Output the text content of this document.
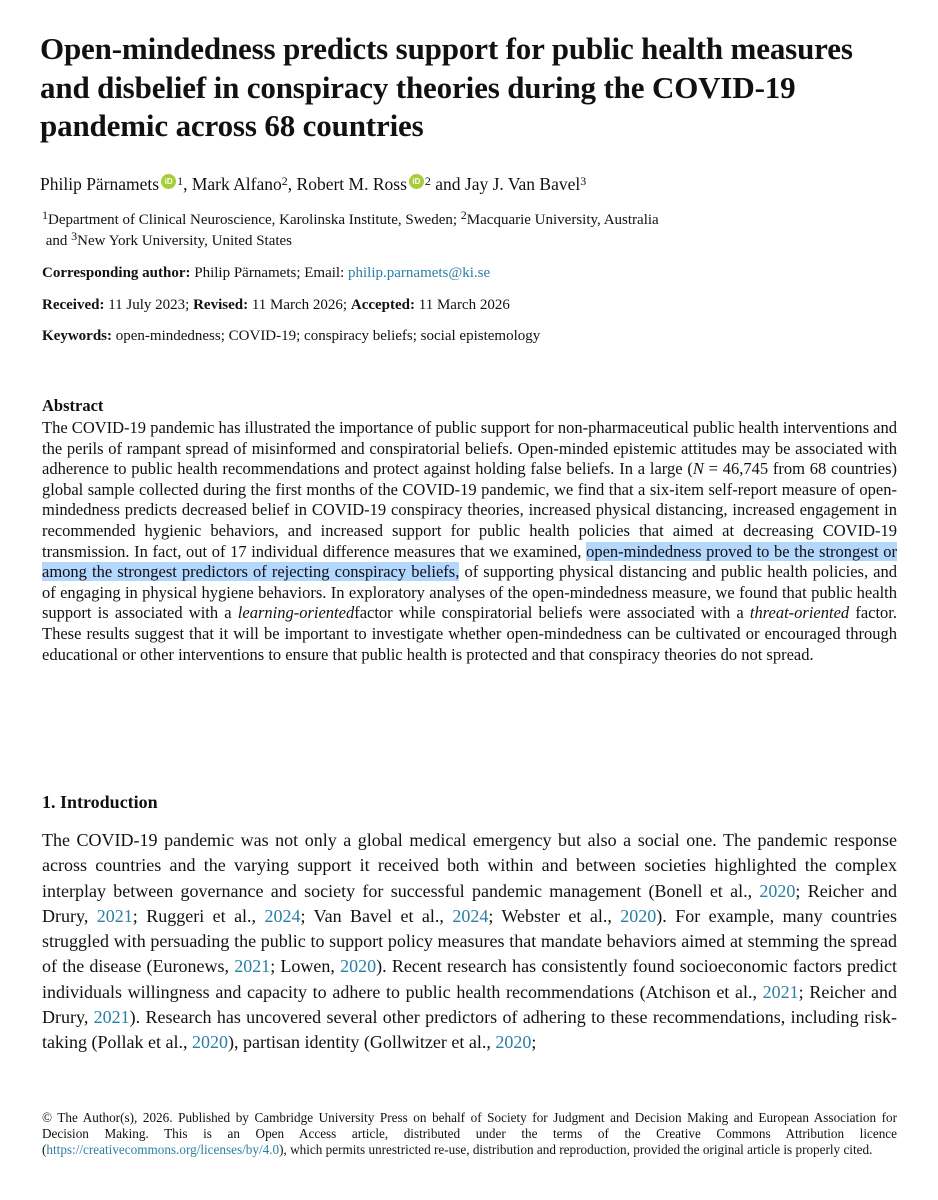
Open-mindedness predicts support for public health measures and disbelief in conspiracy theories during the COVID-19 pandemic across 68 countries
Philip Pärnamets iD $^1$, Mark Alfano$^2$, Robert M. Ross iD $^2$ and Jay J. Van Bavel$^3$
$^1$Department of Clinical Neuroscience, Karolinska Institute, Sweden; $^2$Macquarie University, Australia
and $^3$New York University, United States
Corresponding author: Philip Pärnamets; Email: philip.parnamets@ki.se
Received: 11 July 2023; Revised: 11 March 2026; Accepted: 11 March 2026
Keywords: open-mindedness; COVID-19; conspiracy beliefs; social epistemology
Abstract

The COVID-19 pandemic has illustrated the importance of public support for non-pharmaceutical public health interventions and the perils of rampant spread of misinformed and conspiratorial beliefs. Open-minded epistemic attitudes may be associated with adherence to public health recommendations and protect against holding false beliefs. In a large (N = 46,745 from 68 countries) global sample collected during the first months of the COVID-19 pandemic, we find that a six-item self-report measure of open-mindedness predicts decreased belief in COVID-19 conspiracy theories, increased physical distancing, increased engagement in recommended hygienic behaviors, and increased support for public health policies that aimed at decreasing COVID-19 transmission. In fact, out of 17 individual difference measures that we examined, open-mindedness proved to be the strongest or among the strongest predictors of rejecting conspiracy beliefs, of supporting physical distancing and public health policies, and of engaging in physical hygiene behaviors. In exploratory analyses of the open-mindedness measure, we found that public health support is associated with a learning-orientedfactor while conspiratorial beliefs were associated with a threat-oriented factor. These results suggest that it will be important to investigate whether open-mindedness can be cultivated or encouraged through educational or other interventions to ensure that public health is protected and that conspiracy theories do not spread.

1. Introduction

The COVID-19 pandemic was not only a global medical emergency but also a social one. The pandemic response across countries and the varying support it received both within and between societies highlighted the complex interplay between governance and society for successful pandemic management (Bonell et al., 2020; Reicher and Drury, 2021; Ruggeri et al., 2024; Van Bavel et al., 2024; Webster et al., 2020). For example, many countries struggled with persuading the public to support policy measures that mandate behaviors aimed at stemming the spread of the disease (Euronews, 2021; Lowen, 2020). Recent research has consistently found socioeconomic factors predict individuals willingness and capacity to adhere to public health recommendations (Atchison et al., 2021; Reicher and Drury, 2021). Research has uncovered several other predictors of adhering to these recommendations, including risk-taking (Pollak et al., 2020), partisan identity (Gollwitzer et al., 2020;

© The Author(s), 2026. Published by Cambridge University Press on behalf of Society for Judgment and Decision Making and European Association for Decision Making. This is an Open Access article, distributed under the terms of the Creative Commons Attribution licence (https://creativecommons.org/licenses/by/4.0), which permits unrestricted re-use, distribution and reproduction, provided the original article is properly cited.
